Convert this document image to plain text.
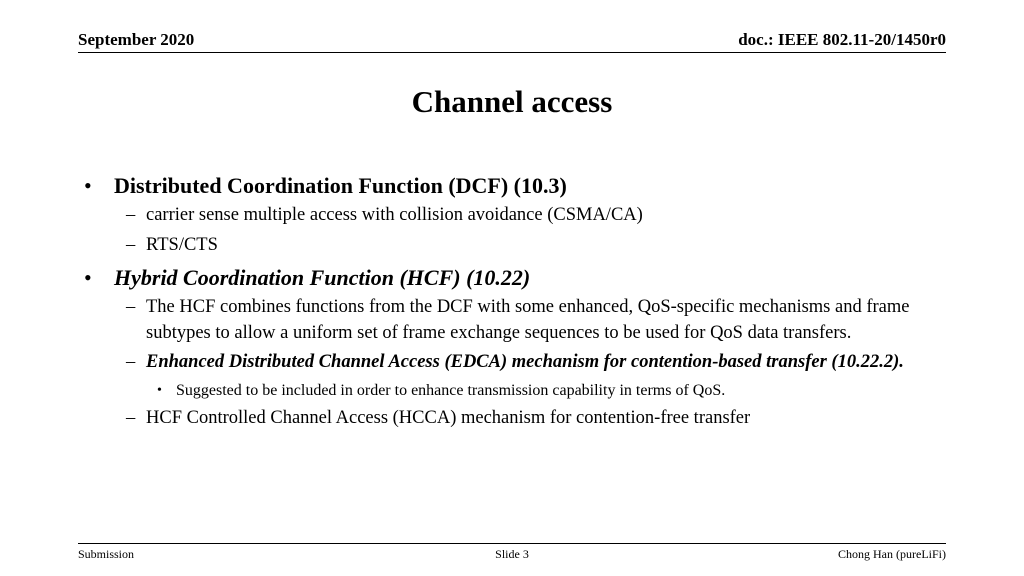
September 2020	doc.: IEEE 802.11-20/1450r0
Channel access
• Distributed Coordination Function (DCF) (10.3)
– carrier sense multiple access with collision avoidance (CSMA/CA)
– RTS/CTS
• Hybrid Coordination Function (HCF) (10.22)
– The HCF combines functions from the DCF with some enhanced, QoS-specific mechanisms and frame subtypes to allow a uniform set of frame exchange sequences to be used for QoS data transfers.
– Enhanced Distributed Channel Access (EDCA) mechanism for contention-based transfer (10.22.2).
• Suggested to be included in order to enhance transmission capability in terms of QoS.
– HCF Controlled Channel Access (HCCA) mechanism for contention-free transfer
Submission	Slide 3	Chong Han (pureLiFi)
